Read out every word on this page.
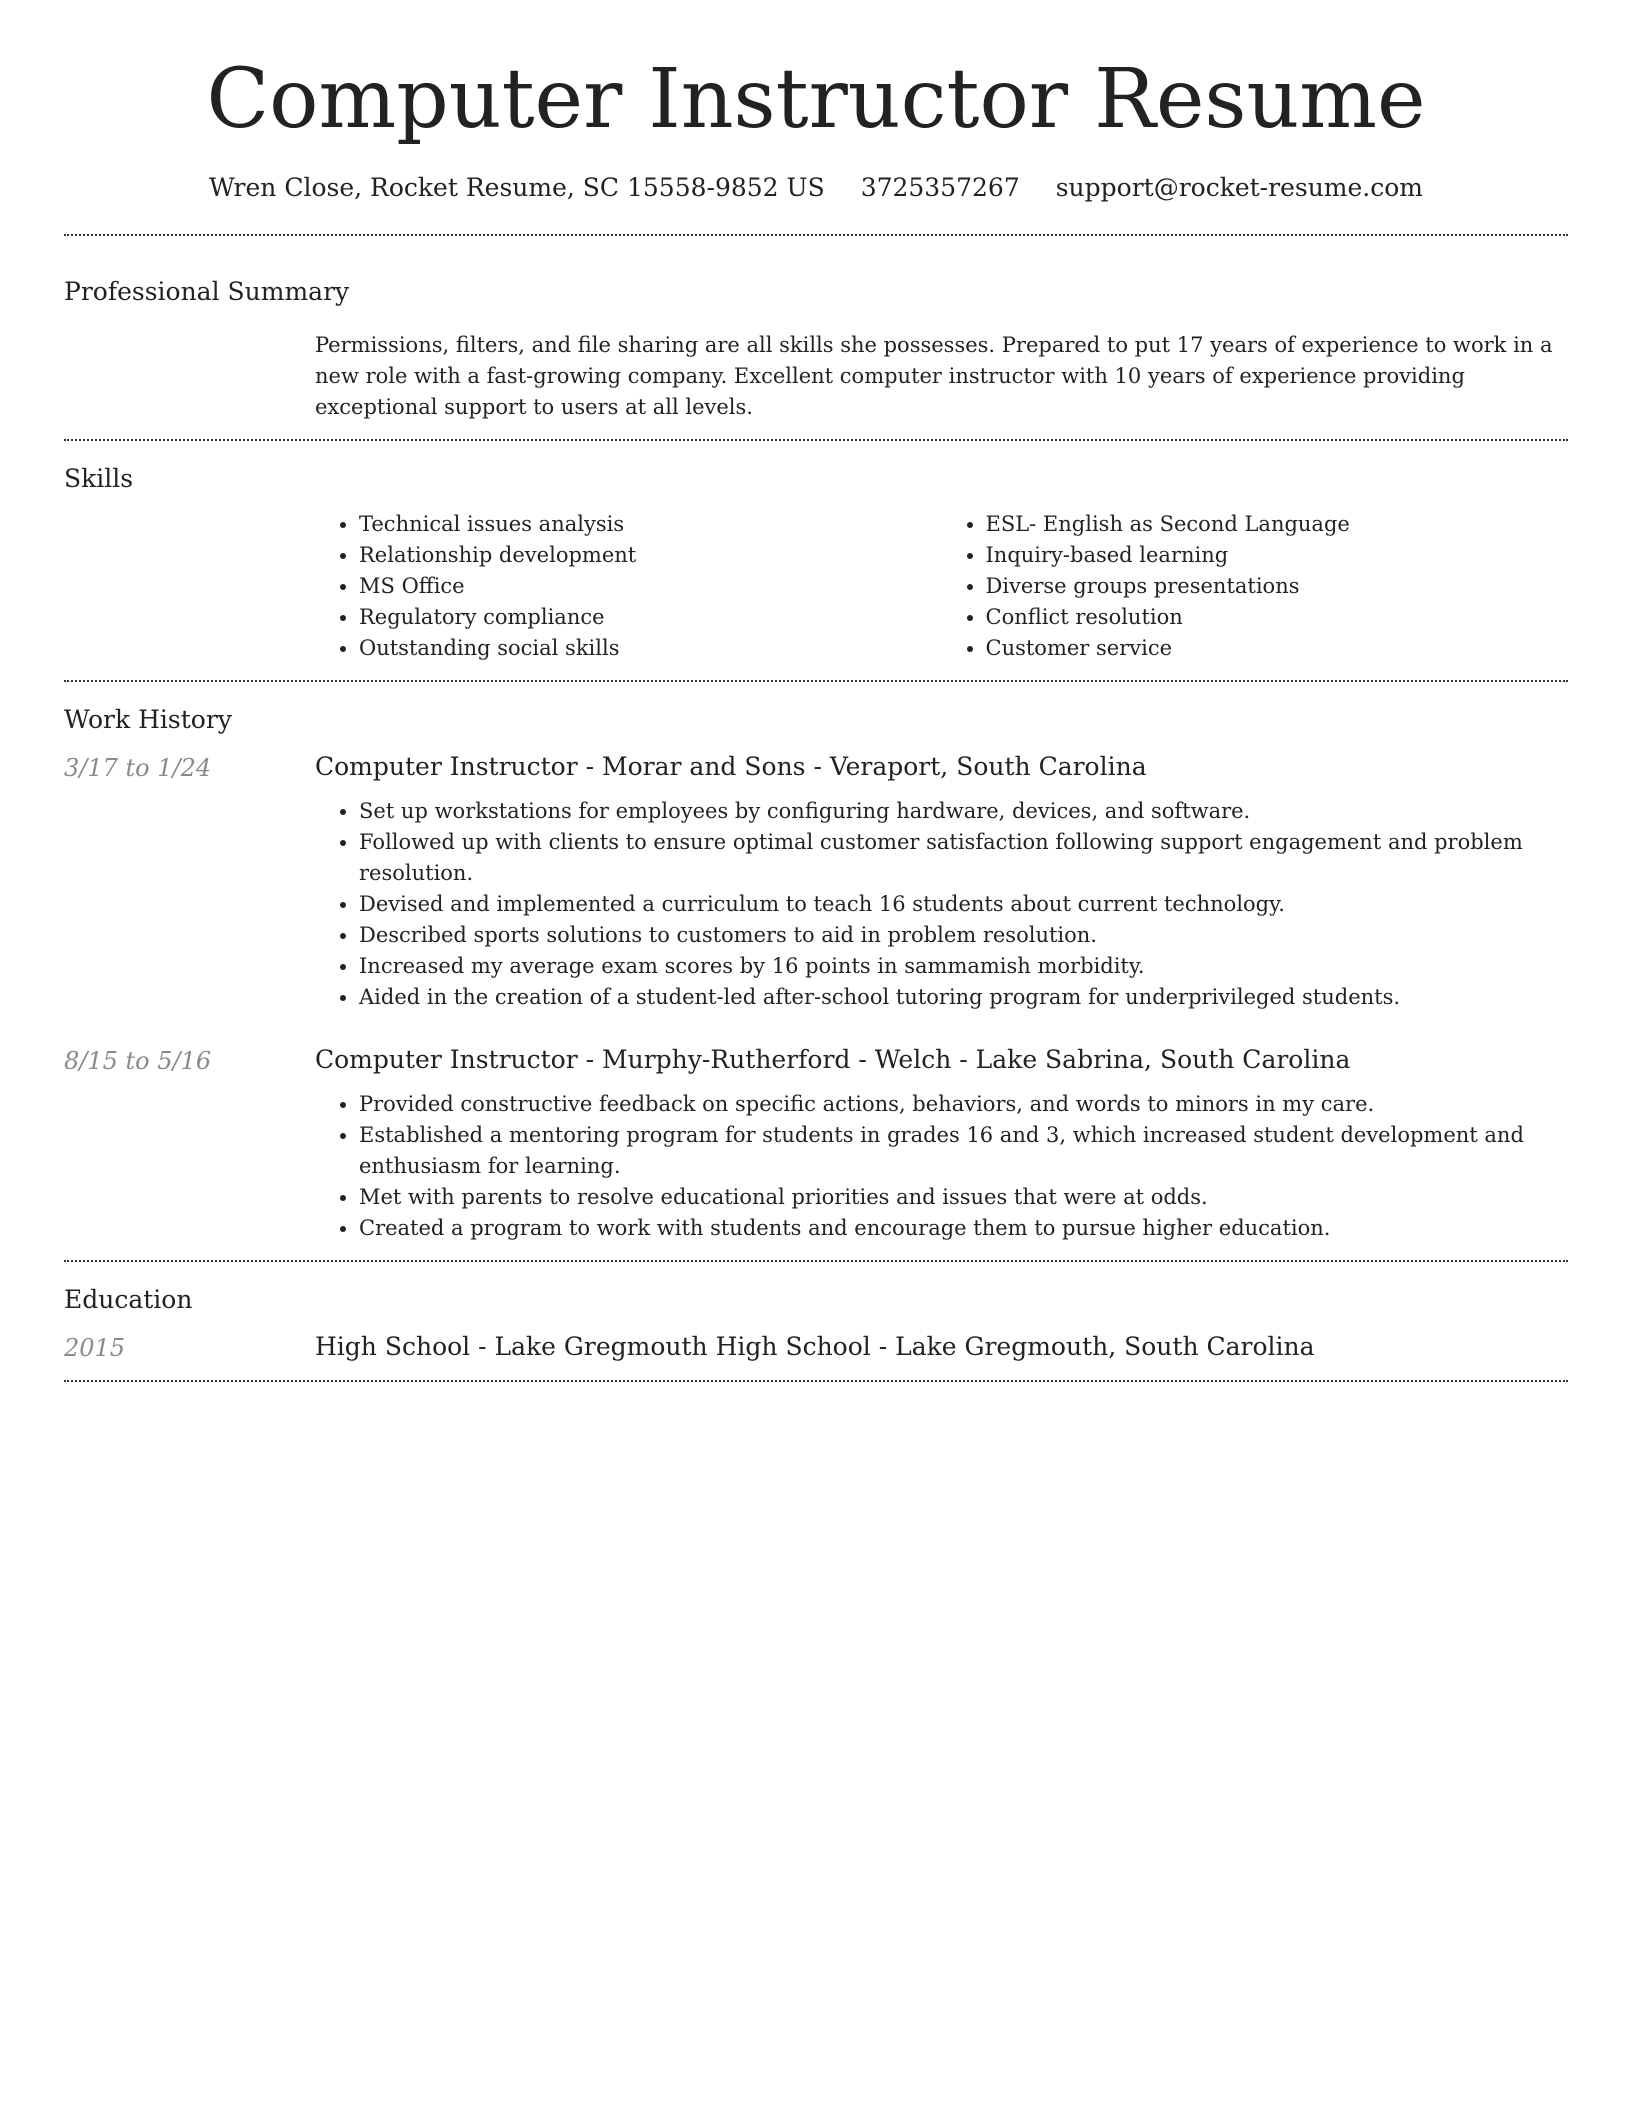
Computer Instructor Resume
Wren Close, Rocket Resume, SC 15558-9852 US 3725357267 support@rocket-resume.com
Professional Summary

Permissions, filters, and file sharing are all skills she possesses. Prepared to put 17 years of experience to work in a new role with a fast-growing company. Excellent computer instructor with 10 years of experience providing exceptional support to users at all levels.

Skills
• Technical issues analysis
• Relationship development
• MS Office
• Regulatory compliance
• Outstanding social skills
• ESL- English as Second Language
• Inquiry-based learning
• Diverse groups presentations
• Conflict resolution
• Customer service
Work History
3/17 to 1/24	Computer Instructor - Morar and Sons - Veraport, South Carolina
• Set up workstations for employees by configuring hardware, devices, and software.
• Followed up with clients to ensure optimal customer satisfaction following support engagement and problem resolution.
• Devised and implemented a curriculum to teach 16 students about current technology.
• Described sports solutions to customers to aid in problem resolution.
• Increased my average exam scores by 16 points in sammamish morbidity.
• Aided in the creation of a student-led after-school tutoring program for underprivileged students.
8/15 to 5/16	Computer Instructor - Murphy-Rutherford - Welch - Lake Sabrina, South Carolina
• Provided constructive feedback on specific actions, behaviors, and words to minors in my care.
• Established a mentoring program for students in grades 16 and 3, which increased student development and enthusiasm for learning.
• Met with parents to resolve educational priorities and issues that were at odds.
• Created a program to work with students and encourage them to pursue higher education.
Education
2015	High School - Lake Gregmouth High School - Lake Gregmouth, South Carolina
